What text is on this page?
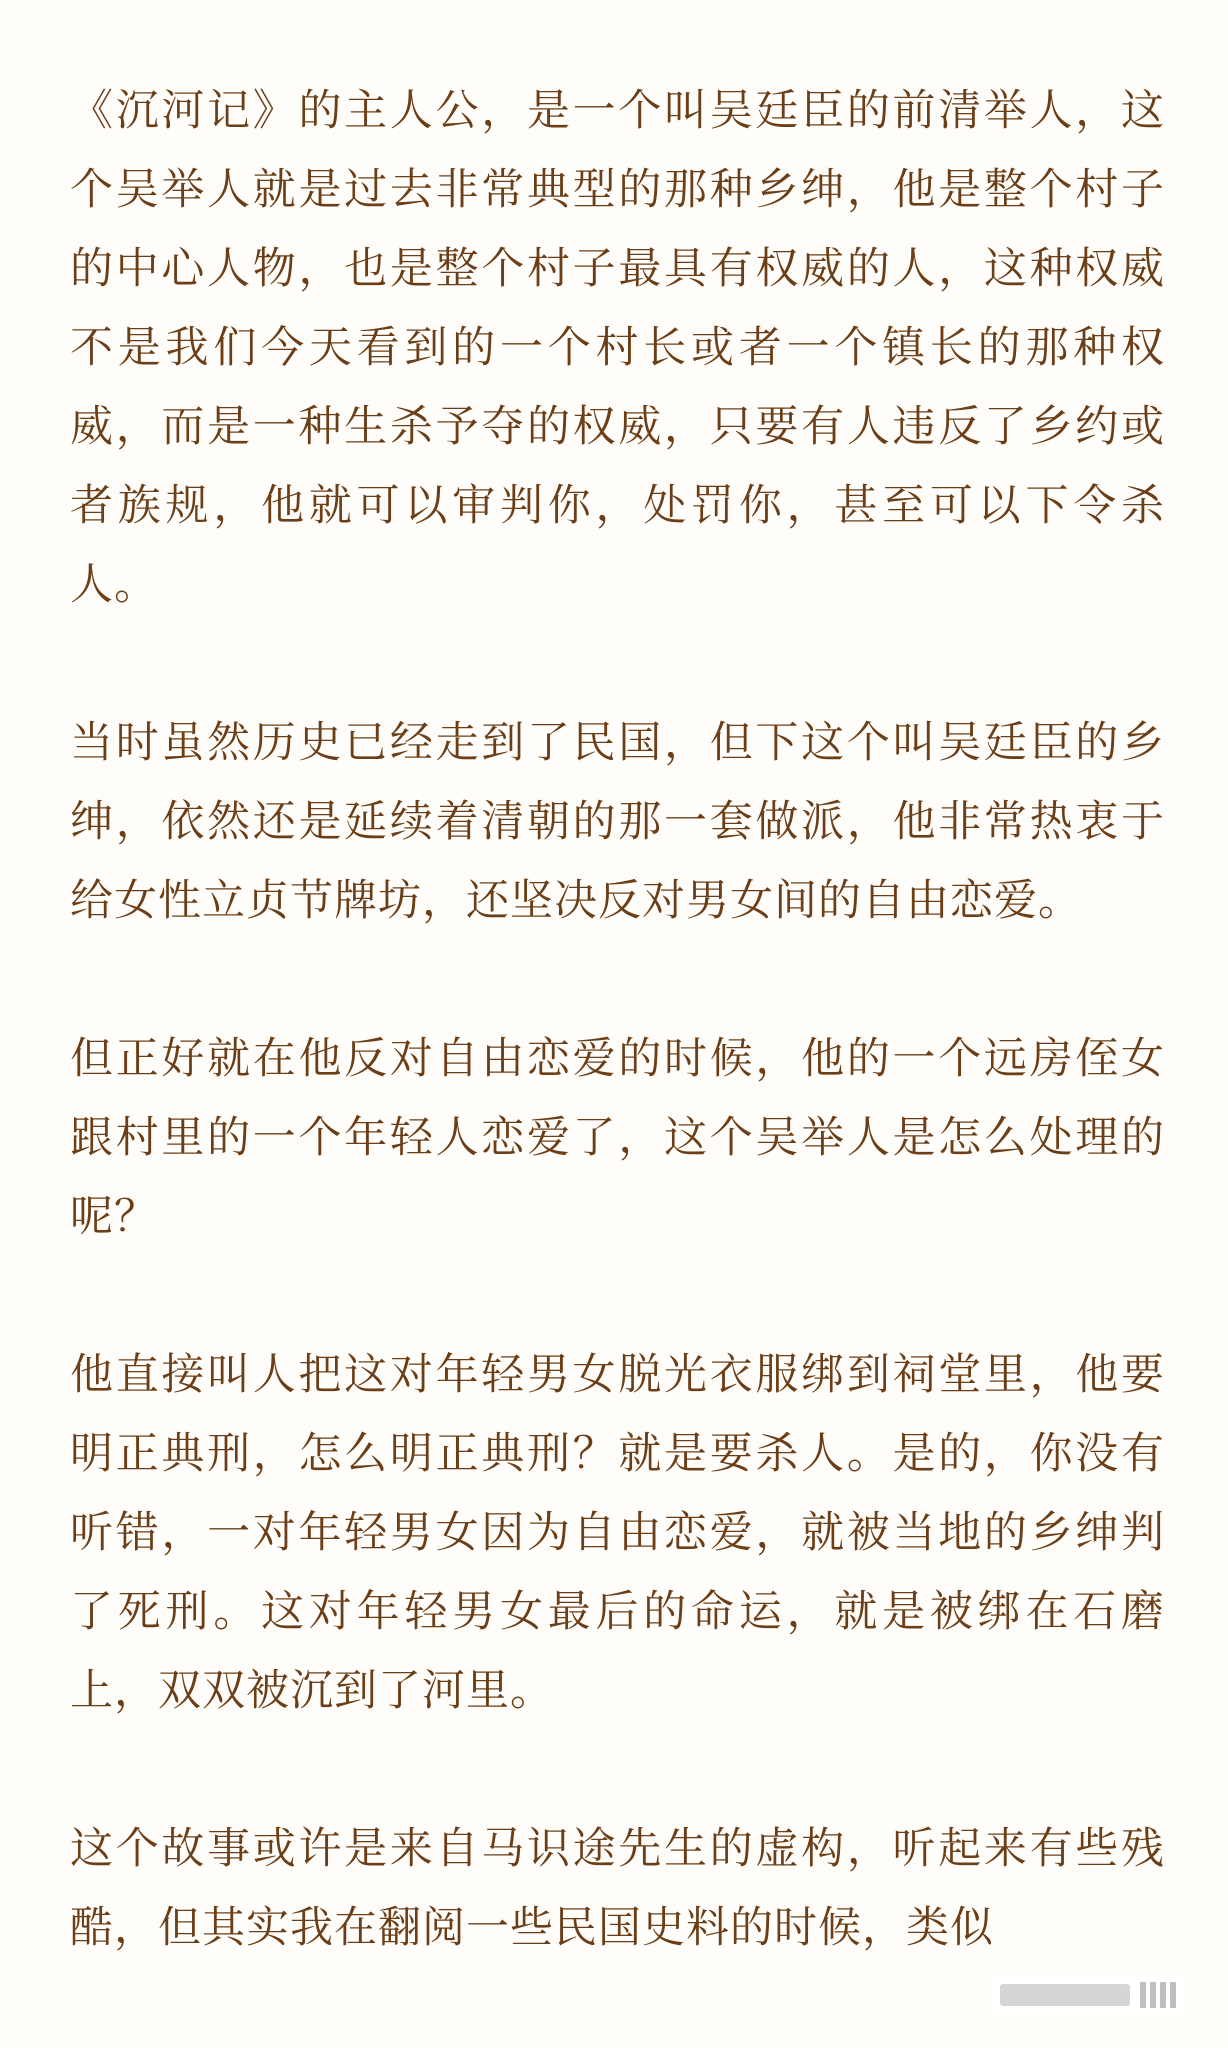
《沉河记》的主人公，是一个叫吴廷臣的前清举人，这个吴举人就是过去非常典型的那种乡绅，他是整个村子的中心人物，也是整个村子最具有权威的人，这种权威不是我们今天看到的一个村长或者一个镇长的那种权威，而是一种生杀予夺的权威，只要有人违反了乡约或者族规，他就可以审判你，处罚你，甚至可以下令杀人。

当时虽然历史已经走到了民国，但下这个叫吴廷臣的乡绅，依然还是延续着清朝的那一套做派，他非常热衷于给女性立贞节牌坊，还坚决反对男女间的自由恋爱。

但正好就在他反对自由恋爱的时候，他的一个远房侄女跟村里的一个年轻人恋爱了，这个吴举人是怎么处理的呢？

他直接叫人把这对年轻男女脱光衣服绑到祠堂里，他要明正典刑，怎么明正典刑？就是要杀人。是的，你没有听错，一对年轻男女因为自由恋爱，就被当地的乡绅判了死刑。这对年轻男女最后的命运，就是被绑在石磨上，双双被沉到了河里。

这个故事或许是来自马识途先生的虚构，听起来有些残酷，但其实我在翻阅一些民国史料的时候，类似
